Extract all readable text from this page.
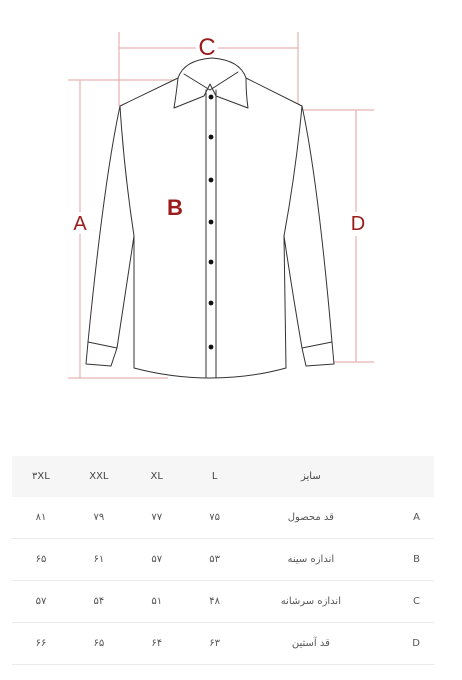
C
A
B
D
۳XL	XXL	XL	L	سایز	
۸۱	۷۹	۷۷	۷۵	قد محصول	A
۶۵	۶۱	۵۷	۵۳	اندازه سینه	B
۵۷	۵۴	۵۱	۴۸	اندازه سرشانه	C
۶۶	۶۵	۶۴	۶۳	قد آستین	D
